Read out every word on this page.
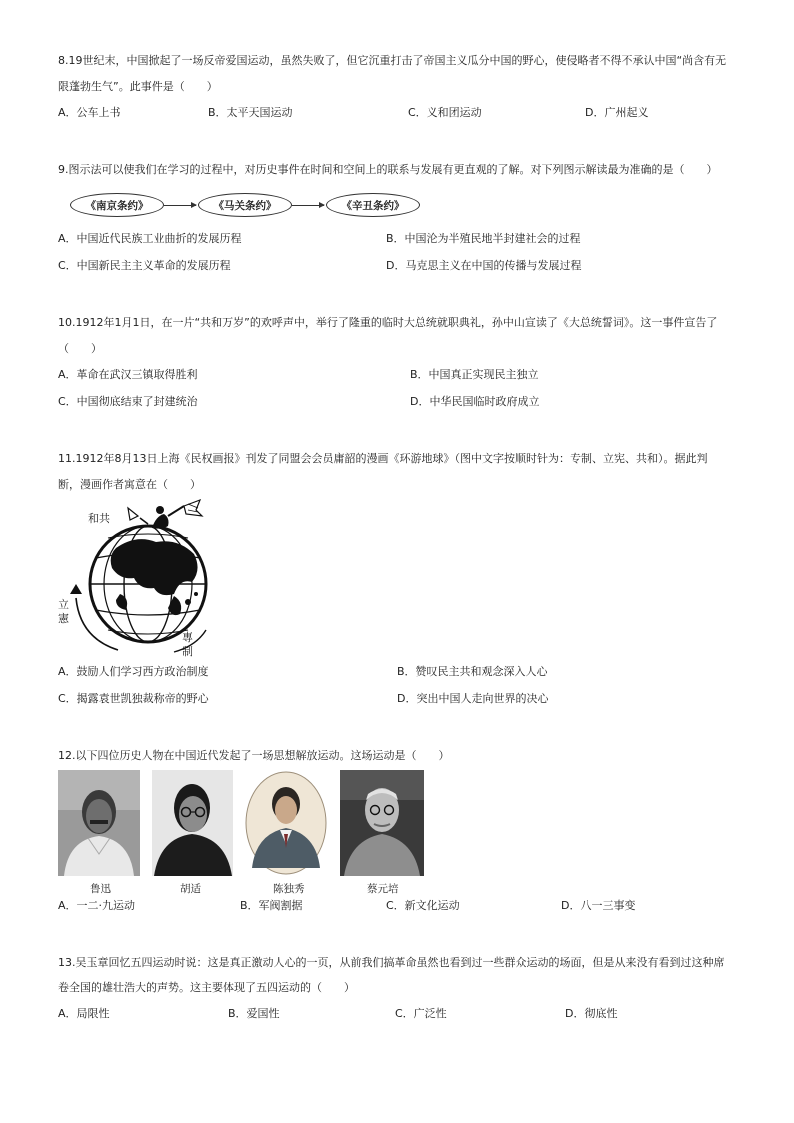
8.19世纪末，中国掀起了一场反帝爱国运动，虽然失败了，但它沉重打击了帝国主义瓜分中国的野心，使侵略者不得不承认中国“尚含有无
限蓬勃生气”。此事件是（　　）
A．公车上书	B．太平天国运动	C．义和团运动	D．广州起义
9.图示法可以使我们在学习的过程中，对历史事件在时间和空间上的联系与发展有更直观的了解。对下列图示解读最为准确的是（　　）
《南京条约》	《马关条约》	《辛丑条约》
A．中国近代民族工业曲折的发展历程	B．中国沦为半殖民地半封建社会的过程
C．中国新民主主义革命的发展历程	D．马克思主义在中国的传播与发展过程
10.1912年1月1日，在一片“共和万岁”的欢呼声中，举行了隆重的临时大总统就职典礼，孙中山宣读了《大总统誓词》。这一事件宣告了
（　　）
A．革命在武汉三镇取得胜利	B．中国真正实现民主独立
C．中国彻底结束了封建统治	D．中华民国临时政府成立
11.1912年8月13日上海《民权画报》刊发了同盟会会员庸韶的漫画《环游地球》（图中文字按顺时针为：专制、立宪、共和）。据此判
断，漫画作者寓意在（　　）
和共
立
憲
專
制
A．鼓励人们学习西方政治制度	B．赞叹民主共和观念深入人心
C．揭露袁世凯独裁称帝的野心	D．突出中国人走向世界的决心
12.以下四位历史人物在中国近代发起了一场思想解放运动。这场运动是（　　）
鲁迅	胡适	陈独秀	蔡元培
A．一二·九运动	B．军阀割据	C．新文化运动	D．八一三事变
13.吴玉章回忆五四运动时说：这是真正激动人心的一页，从前我们搞革命虽然也看到过一些群众运动的场面，但是从来没有看到过这种席
卷全国的雄壮浩大的声势。这主要体现了五四运动的（　　）
A．局限性	B．爱国性	C．广泛性	D．彻底性
